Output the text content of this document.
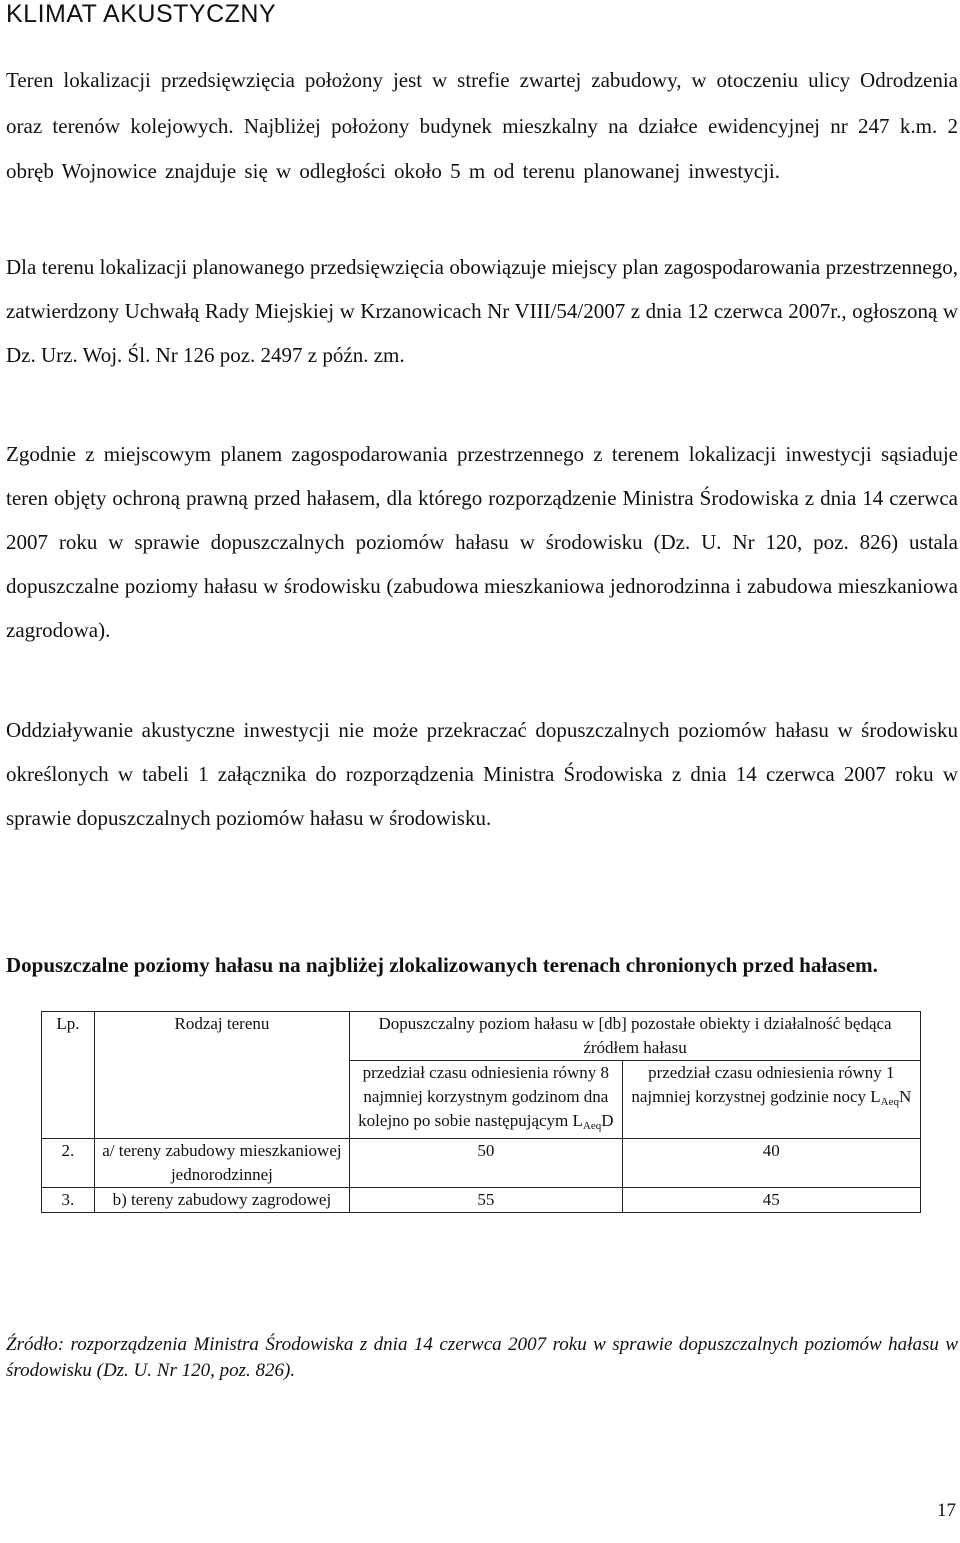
KLIMAT AKUSTYCZNY

Teren lokalizacji przedsięwzięcia położony jest w strefie zwartej zabudowy, w otoczeniu ulicy Odrodzenia oraz terenów kolejowych. Najbliżej położony budynek mieszkalny na działce ewidencyjnej nr 247 k.m. 2 obręb Wojnowice znajduje się w odległości około 5 m od terenu planowanej inwestycji.

Dla terenu lokalizacji planowanego przedsięwzięcia obowiązuje miejscy plan zagospodarowania przestrzennego, zatwierdzony Uchwałą Rady Miejskiej w Krzanowicach Nr VIII/54/2007 z dnia 12 czerwca 2007r., ogłoszoną w Dz. Urz. Woj. Śl. Nr 126 poz. 2497 z późn. zm.

Zgodnie z miejscowym planem zagospodarowania przestrzennego z terenem lokalizacji inwestycji sąsiaduje teren objęty ochroną prawną przed hałasem, dla którego rozporządzenie Ministra Środowiska z dnia 14 czerwca 2007 roku w sprawie dopuszczalnych poziomów hałasu w środowisku (Dz. U. Nr 120, poz. 826) ustala dopuszczalne poziomy hałasu w środowisku (zabudowa mieszkaniowa jednorodzinna i zabudowa mieszkaniowa zagrodowa).

Oddziaływanie akustyczne inwestycji nie może przekraczać dopuszczalnych poziomów hałasu w środowisku określonych w tabeli 1 załącznika do rozporządzenia Ministra Środowiska z dnia 14 czerwca 2007 roku w sprawie dopuszczalnych poziomów hałasu w środowisku.

Dopuszczalne poziomy hałasu na najbliżej zlokalizowanych terenach chronionych przed hałasem.

Lp.	Rodzaj terenu	Dopuszczalny poziom hałasu w [db] pozostałe obiekty i działalność będąca źródłem hałasu	
		przedział czasu odniesienia równy 8 najmniej korzystnym godzinom dna kolejno po sobie następującym $L_{Aeq}D$	przedział czasu odniesienia równy 1 najmniej korzystnej godzinie nocy $L_{Aeq}N$
2.	a/ tereny zabudowy mieszkaniowej jednorodzinnej	50	40
3.	b) tereny zabudowy zagrodowej	55	45

Źródło: rozporządzenia Ministra Środowiska z dnia 14 czerwca 2007 roku w sprawie dopuszczalnych poziomów hałasu w środowisku (Dz. U. Nr 120, poz. 826).

17
